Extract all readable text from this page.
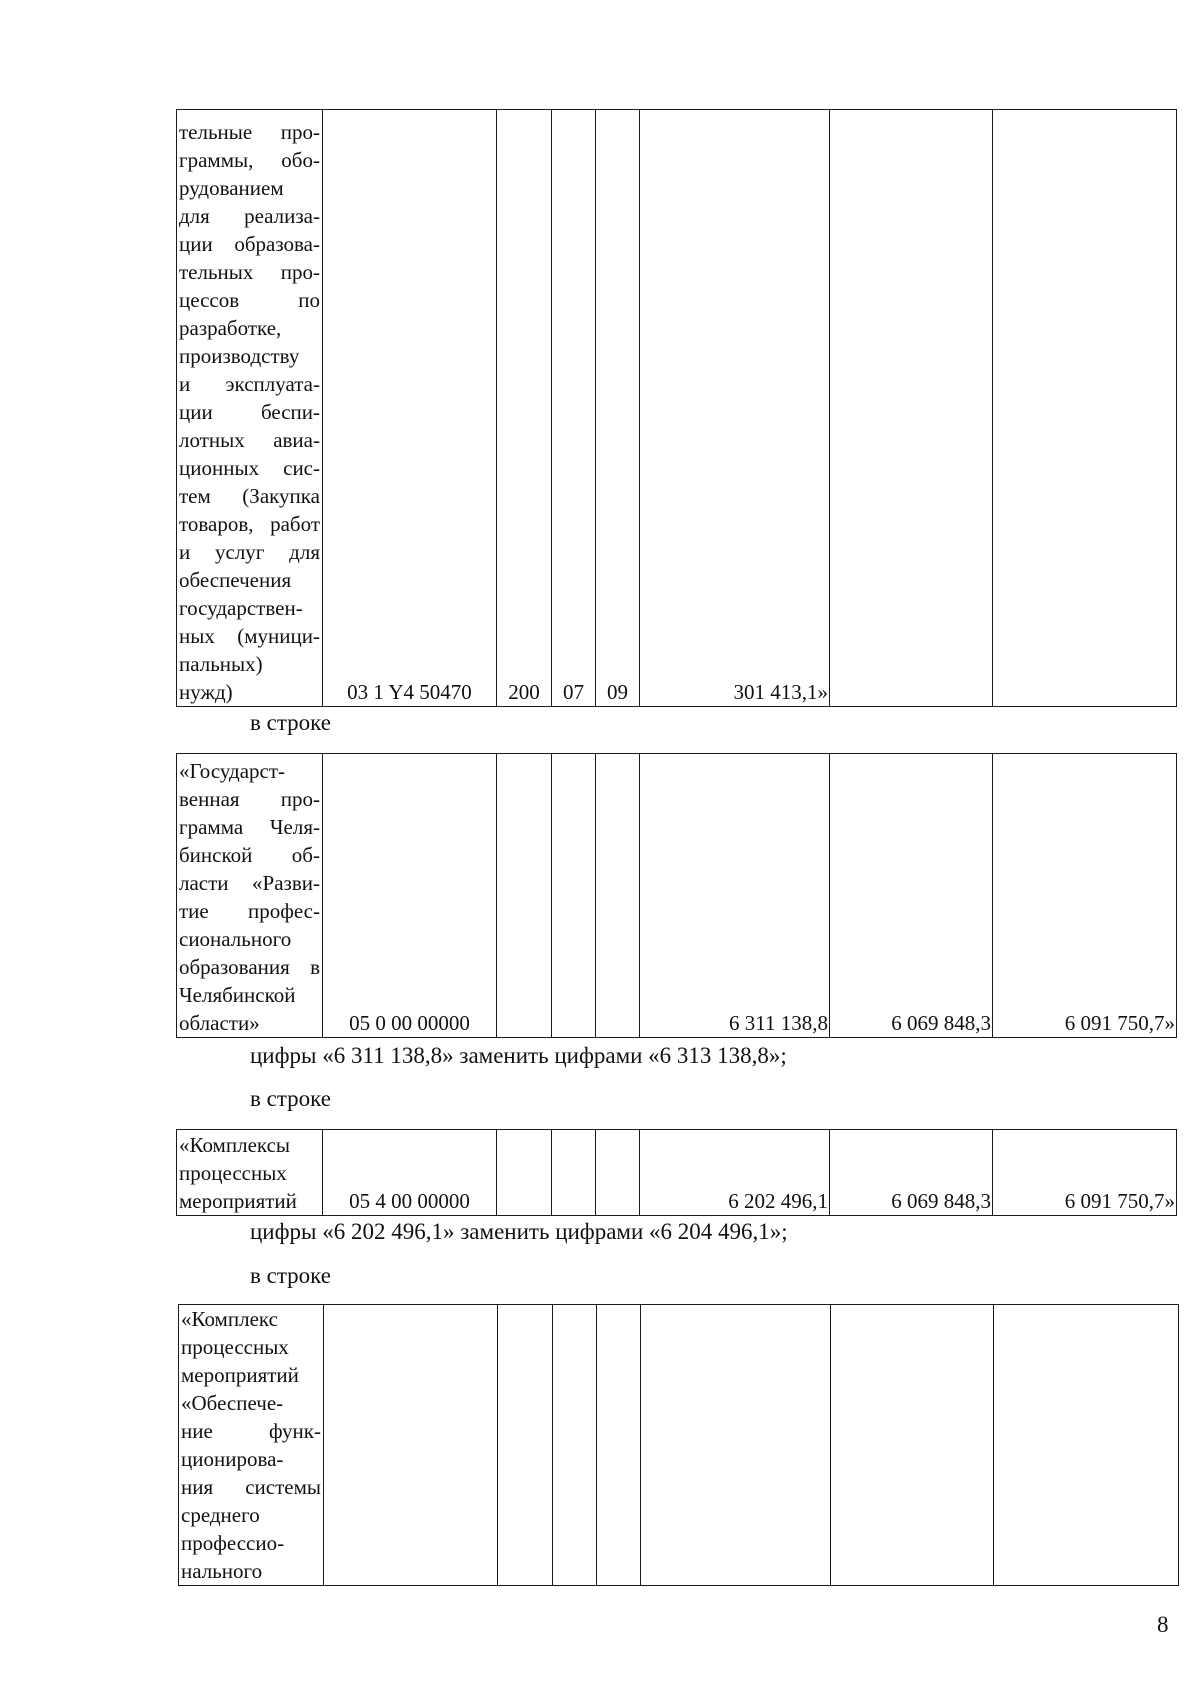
тельные про-
граммы, обо-
рудованием
для реализа-
ции образова-
тельных про-
цессов по
разработке,
производству
и эксплуата-
ции беспи-
лотных авиа-
ционных сис-
тем (Закупка
товаров, работ
и услуг для
обеспечения
государствен-
ных (муници-
пальных)
нужд)	03 1 Y4 50470	200	07	09	301 413,1»		
в строке
«Государст-
венная про-
грамма Челя-
бинской об-
ласти «Разви-
тие профес-
сионального
образования в
Челябинской
области»	05 0 00 00000				6 311 138,8	6 069 848,3	6 091 750,7»
цифры «6 311 138,8» заменить цифрами «6 313 138,8»;
в строке
«Комплексы
процессных
мероприятий	05 4 00 00000				6 202 496,1	6 069 848,3	6 091 750,7»
цифры «6 202 496,1» заменить цифрами «6 204 496,1»;
в строке
«Комплекс
процессных
мероприятий
«Обеспече-
ние функ-
ционирова-
ния системы
среднего
профессио-
нального

8
